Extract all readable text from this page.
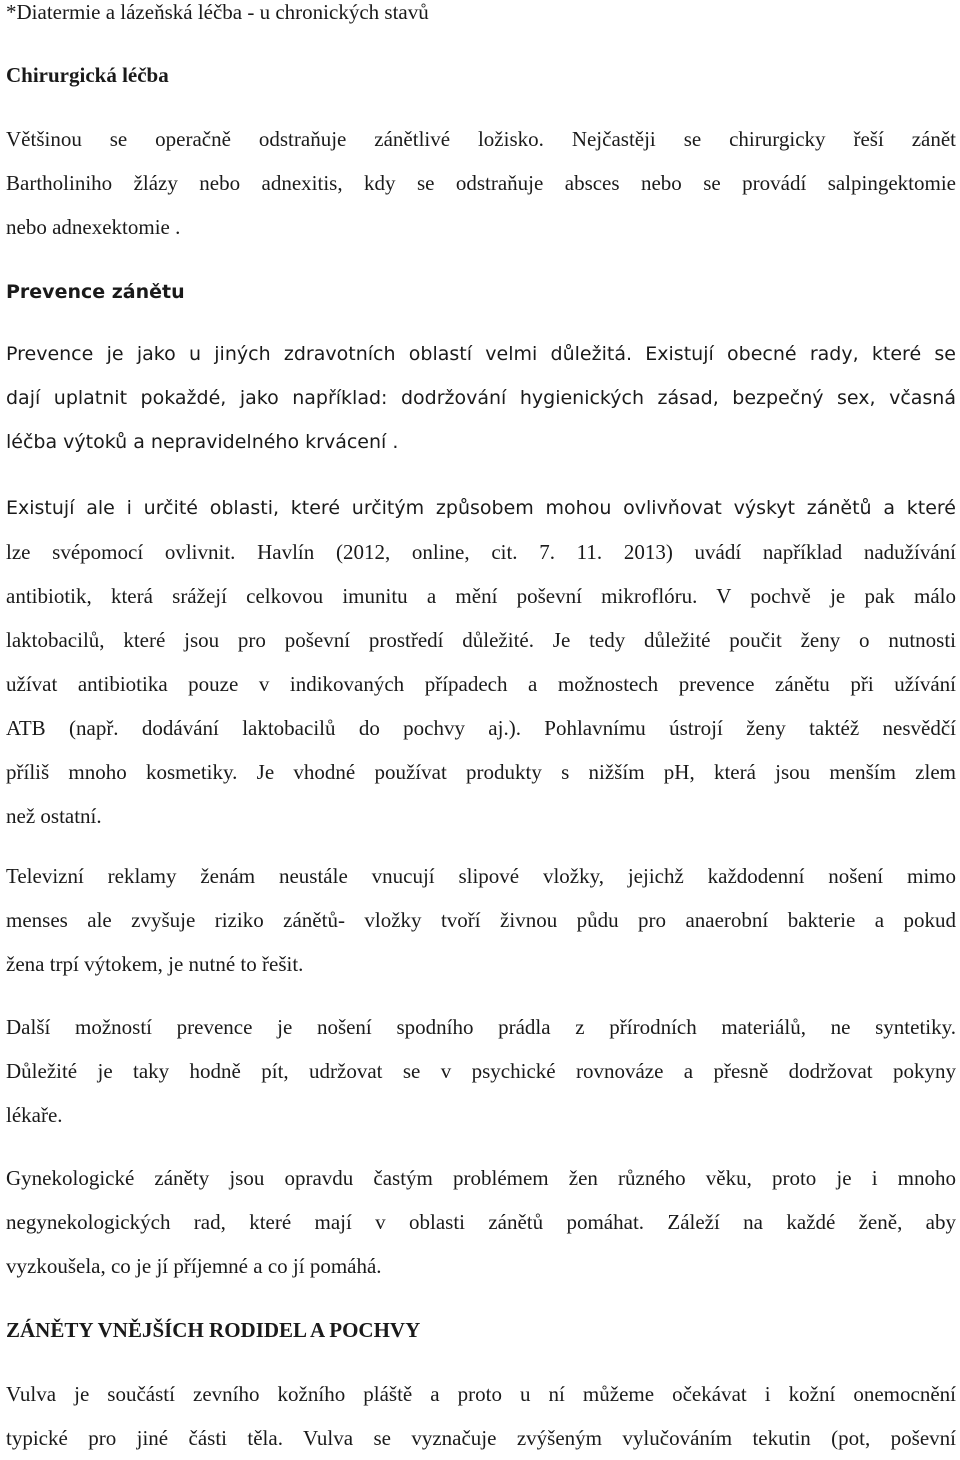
*Diatermie a lázeňská léčba - u chronických stavů
Chirurgická léčba
Většinou se operačně odstraňuje zánětlivé ložisko. Nejčastěji se chirurgicky řeší zánět
Bartholiniho žlázy nebo adnexitis, kdy se odstraňuje absces nebo se provádí salpingektomie
nebo adnexektomie .
Prevence zánětu
Prevence je jako u jiných zdravotních oblastí velmi důležitá. Existují obecné rady, které se
dají uplatnit pokaždé, jako například: dodržování hygienických zásad, bezpečný sex, včasná
léčba výtoků a nepravidelného krvácení .
Existují ale i určité oblasti, které určitým způsobem mohou ovlivňovat výskyt zánětů a které
lze svépomocí ovlivnit. Havlín (2012, online, cit. 7. 11. 2013) uvádí například nadužívání
antibiotik, která srážejí celkovou imunitu a mění poševní mikroflóru. V pochvě je pak málo
laktobacilů, které jsou pro poševní prostředí důležité. Je tedy důležité poučit ženy o nutnosti
užívat antibiotika pouze v indikovaných případech a možnostech prevence zánětu při užívání
ATB (např. dodávání laktobacilů do pochvy aj.). Pohlavnímu ústrojí ženy taktéž nesvědčí
příliš mnoho kosmetiky. Je vhodné používat produkty s nižším pH, která jsou menším zlem
než ostatní.
Televizní reklamy ženám neustále vnucují slipové vložky, jejichž každodenní nošení mimo
menses ale zvyšuje riziko zánětů- vložky tvoří živnou půdu pro anaerobní bakterie a pokud
žena trpí výtokem, je nutné to řešit.
Další možností prevence je nošení spodního prádla z přírodních materiálů, ne syntetiky.
Důležité je taky hodně pít, udržovat se v psychické rovnováze a přesně dodržovat pokyny
lékaře.
Gynekologické záněty jsou opravdu častým problémem žen různého věku, proto je i mnoho
negynekologických rad, které mají v oblasti zánětů pomáhat. Záleží na každé ženě, aby
vyzkoušela, co je jí příjemné a co jí pomáhá.
ZÁNĚTY VNĚJŠÍCH RODIDEL A POCHVY
Vulva je součástí zevního kožního pláště a proto u ní můžeme očekávat i kožní onemocnění
typické pro jiné části těla. Vulva se vyznačuje zvýšeným vylučováním tekutin (pot, poševní
